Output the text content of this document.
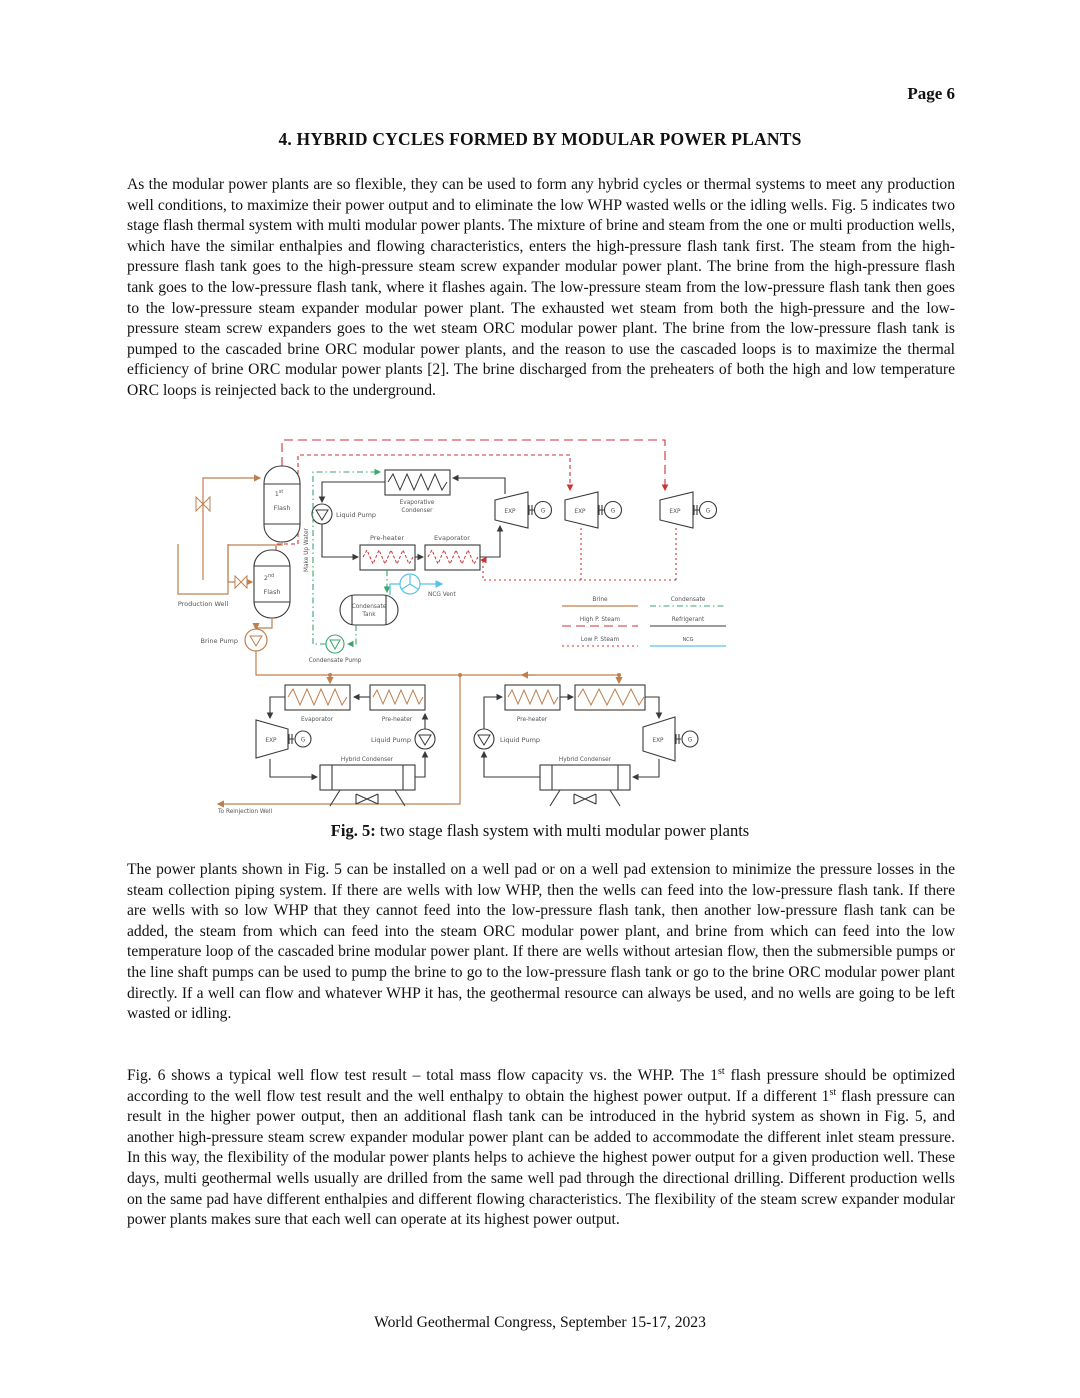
Page 6
4. HYBRID CYCLES FORMED BY MODULAR POWER PLANTS

As the modular power plants are so flexible, they can be used to form any hybrid cycles or thermal systems to meet any production well conditions, to maximize their power output and to eliminate the low WHP wasted wells or the idling wells. Fig. 5 indicates two stage flash thermal system with multi modular power plants. The mixture of brine and steam from the one or multi production wells, which have the similar enthalpies and flowing characteristics, enters the high-pressure flash tank first. The steam from the high-pressure flash tank goes to the high-pressure steam screw expander modular power plant. The brine from the high-pressure flash tank goes to the low-pressure flash tank, where it flashes again. The low-pressure steam from the low-pressure flash tank then goes to the low-pressure steam expander modular power plant. The exhausted wet steam from both the high-pressure and the low-pressure steam screw expanders goes to the wet steam ORC modular power plant. The brine from the low-pressure flash tank is pumped to the cascaded brine ORC modular power plants, and the reason to use the cascaded loops is to maximize the thermal efficiency of brine ORC modular power plants [2]. The brine discharged from the preheaters of both the high and low temperature ORC loops is reinjected back to the underground.

Production Well
1st
Flash
2nd
Flash
Brine Pump
Evaporative
Condenser
Liquid Pump
Pre-heater	Evaporator
EXP	G	EXP	G	EXP	G
Make Up Water
Condensate
Tank
Condensate Pump
NCG Vent
Brine
High P. Steam
Low P. Steam
Condensate
Refrigerant
NCG
To Reinjection Well
Evaporator	Pre-heater
EXP	G	Liquid Pump
Hybrid Condenser
Pre-heater
Liquid Pump	EXP	G
Hybrid Condenser
Fig. 5: two stage flash system with multi modular power plants

The power plants shown in Fig. 5 can be installed on a well pad or on a well pad extension to minimize the pressure losses in the steam collection piping system. If there are wells with low WHP, then the wells can feed into the low-pressure flash tank. If there are wells with so low WHP that they cannot feed into the low-pressure flash tank, then another low-pressure flash tank can be added, the steam from which can feed into the steam ORC modular power plant, and brine from which can feed into the low temperature loop of the cascaded brine modular power plant. If there are wells without artesian flow, then the submersible pumps or the line shaft pumps can be used to pump the brine to go to the low-pressure flash tank or go to the brine ORC modular power plant directly. If a well can flow and whatever WHP it has, the geothermal resource can always be used, and no wells are going to be left wasted or idling.

Fig. 6 shows a typical well flow test result – total mass flow capacity vs. the WHP. The 1st flash pressure should be optimized according to the well flow test result and the well enthalpy to obtain the highest power output. If a different 1st flash pressure can result in the higher power output, then an additional flash tank can be introduced in the hybrid system as shown in Fig. 5, and another high-pressure steam screw expander modular power plant can be added to accommodate the different inlet steam pressure. In this way, the flexibility of the modular power plants helps to achieve the highest power output for a given production well. These days, multi geothermal wells usually are drilled from the same well pad through the directional drilling. Different production wells on the same pad have different enthalpies and different flowing characteristics. The flexibility of the steam screw expander modular power plants makes sure that each well can operate at its highest power output.

World Geothermal Congress, September 15-17, 2023
